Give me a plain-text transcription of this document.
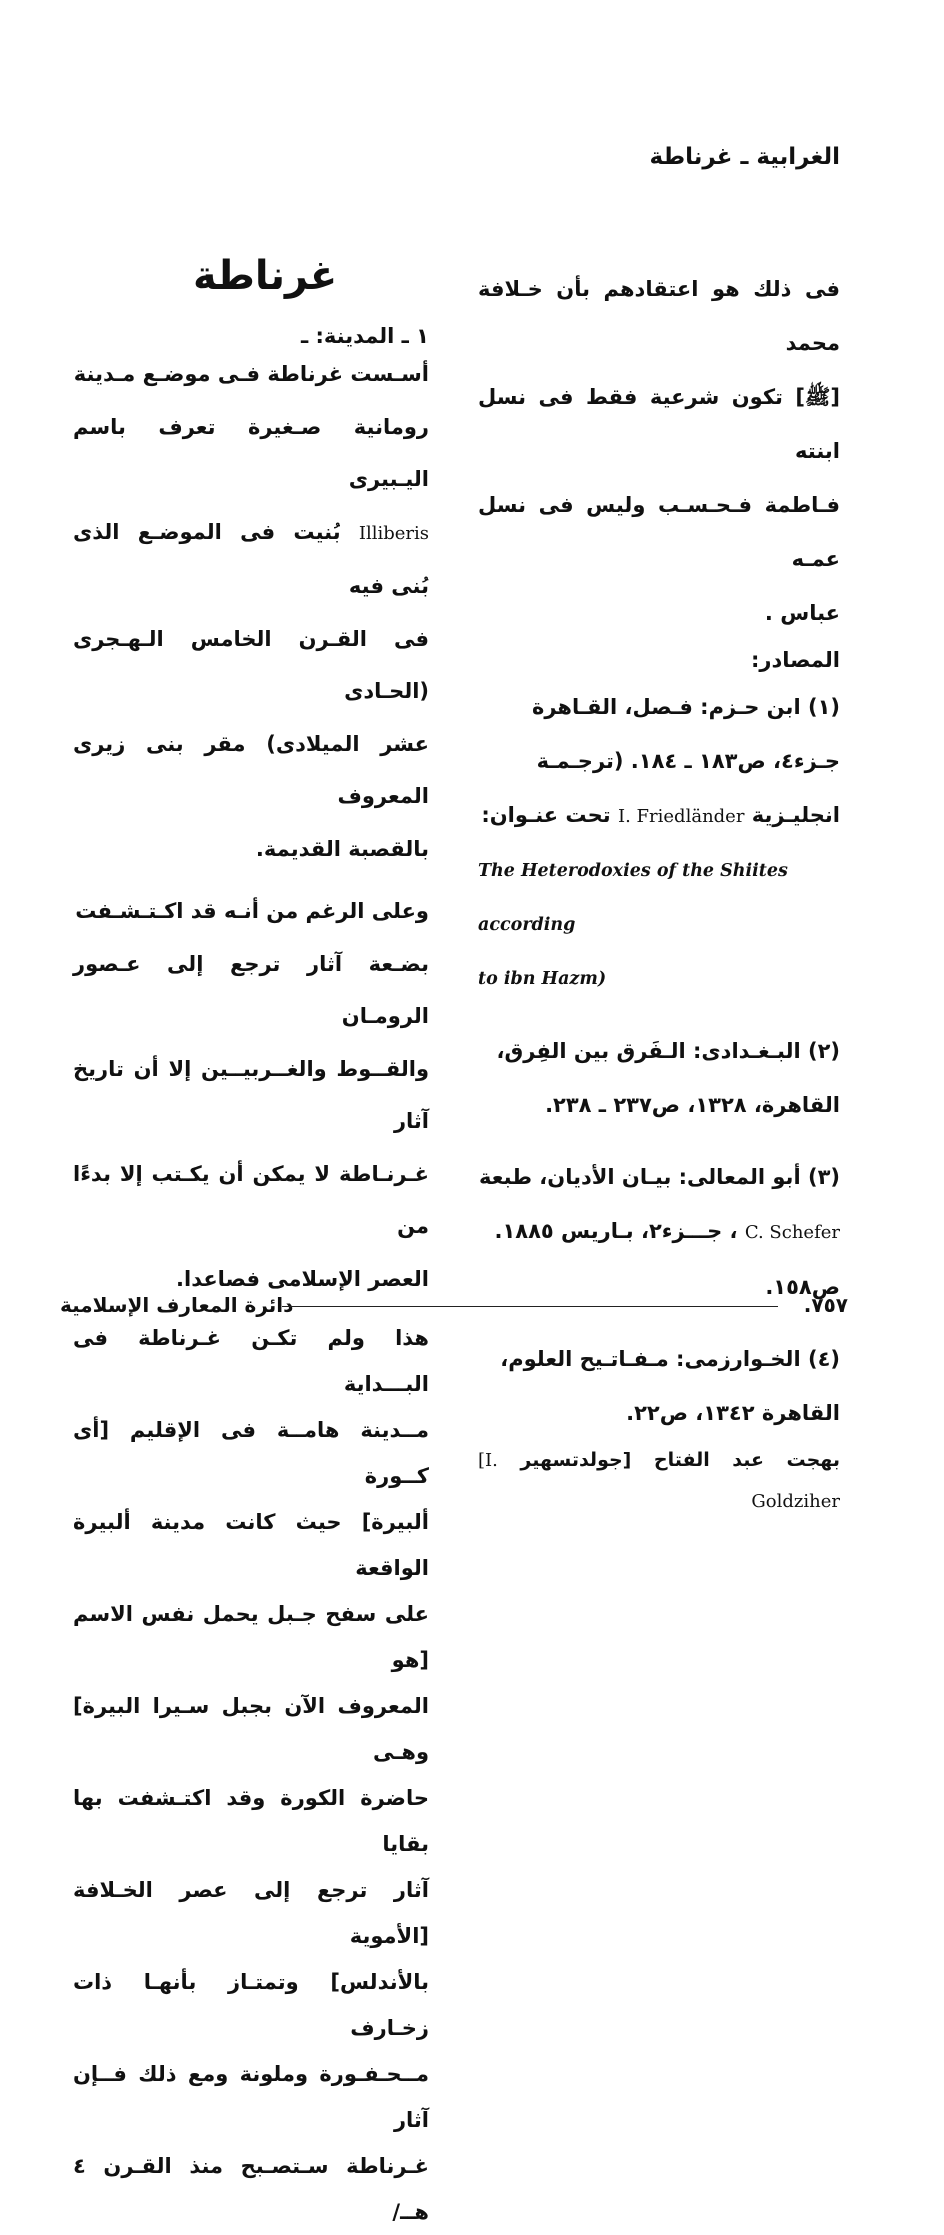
الغرابية ـ غرناطة

فى ذلك هو اعتقادهم بأن خـلافة محمد

[ﷺ] تكون شرعية فقط فى نسل ابنته

فـاطمة فـحـسـب وليس فى نسل عمـه

عباس .

المصادر:

(١) ابن حـزم: فـصل، القـاهرة

جـزء٤، ص١٨٣ ـ ١٨٤. (ترجـمـة

انجليـزية I. Friedländer تحت عنـوان:

The Heterodoxies of the Shiites according

to ibn Hazm)

(٢) البـغـدادى: الـفَرق بين الفِرق،

القاهرة، ١٣٢٨، ص٢٣٧ ـ ٢٣٨.

(٣) أبو المعالى: بيـان الأديان، طبعة

C. Schefer ، جـــزء٢، بـاريس ١٨٨٥.

ص١٥٨.

(٤) الخـوارزمى: مـفـاتـيح العلوم،

القاهرة ١٣٤٢، ص٢٢.

بهجت عبد الفتاح [جولدتسهير [I. Goldziher

غرناطة

١ ـ المدينة: ـ

أسـست غرناطة فـى موضـع مـدينة

رومانية صـغيرة تعرف باسم اليـبيرى

Illiberis بُنيت فى الموضـع الذى بُنى فيه

فى القـرن الخامس الـهـجرى (الحـادى

عشر الميلادى) مقر بنى زيرى المعروف

بالقصبة القديمة.

وعلى الرغم من أنـه قد اكـتـشـفت

بضـعة آثار ترجع إلى عـصور الرومـان

والقــوط والغــربيــين إلا أن تاريخ آثار

غـرنـاطة لا يمكن أن يكـتب إلا بدءًا من

العصر الإسلامى فصاعدا.

هذا ولم تكـن غـرناطة فى البـــداية

مــدينة هامــة فى الإقليم [أى كــورة

ألبيرة] حيث كانت مدينة ألبيرة الواقعة

على سفح جـبل يحمل نفس الاسم [هو

المعروف الآن بجبل سـيرا البيرة] وهـى

حاضرة الكورة وقد اكتـشفت بها بقايا

آثار ترجع إلى عصر الخـلافة [الأموية

بالأندلس] وتمتـاز بأنهـا ذات زخـارف

مــحـفـورة وملونة ومع ذلك فــإن آثار

غـرناطة سـتصـبح منذ القـرن ٤ هــ/

دائرة المعارف الإسلامية	٧٥٧.
